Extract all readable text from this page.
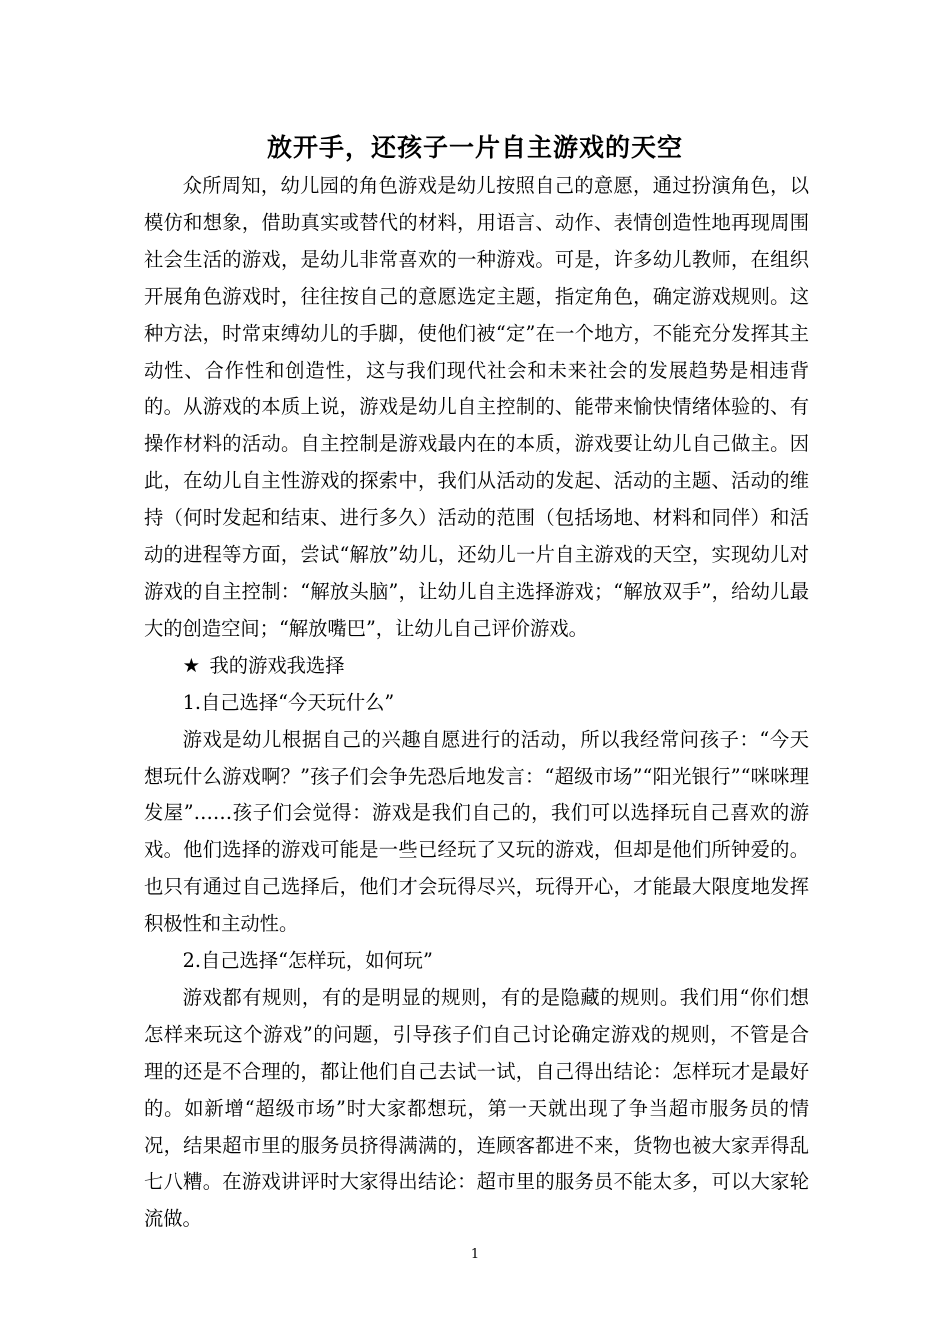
放开手，还孩子一片自主游戏的天空

众所周知，幼儿园的角色游戏是幼儿按照自己的意愿，通过扮演角色，以模仿和想象，借助真实或替代的材料，用语言、动作、表情创造性地再现周围社会生活的游戏，是幼儿非常喜欢的一种游戏。可是，许多幼儿教师，在组织开展角色游戏时，往往按自己的意愿选定主题，指定角色，确定游戏规则。这种方法，时常束缚幼儿的手脚，使他们被“定”在一个地方，不能充分发挥其主动性、合作性和创造性，这与我们现代社会和未来社会的发展趋势是相违背的。从游戏的本质上说，游戏是幼儿自主控制的、能带来愉快情绪体验的、有操作材料的活动。自主控制是游戏最内在的本质，游戏要让幼儿自己做主。因此，在幼儿自主性游戏的探索中，我们从活动的发起、活动的主题、活动的维持（何时发起和结束、进行多久）活动的范围（包括场地、材料和同伴）和活动的进程等方面，尝试“解放”幼儿，还幼儿一片自主游戏的天空，实现幼儿对游戏的自主控制：“解放头脑”，让幼儿自主选择游戏；“解放双手”，给幼儿最大的创造空间；“解放嘴巴”，让幼儿自己评价游戏。

★ 我的游戏我选择

1.自己选择“今天玩什么”

游戏是幼儿根据自己的兴趣自愿进行的活动，所以我经常问孩子：“今天想玩什么游戏啊？”孩子们会争先恐后地发言：“超级市场”“阳光银行”“咪咪理发屋”……孩子们会觉得：游戏是我们自己的，我们可以选择玩自己喜欢的游戏。他们选择的游戏可能是一些已经玩了又玩的游戏，但却是他们所钟爱的。也只有通过自己选择后，他们才会玩得尽兴，玩得开心，才能最大限度地发挥积极性和主动性。

2.自己选择“怎样玩，如何玩”

游戏都有规则，有的是明显的规则，有的是隐藏的规则。我们用“你们想怎样来玩这个游戏”的问题，引导孩子们自己讨论确定游戏的规则，不管是合理的还是不合理的，都让他们自己去试一试，自己得出结论：怎样玩才是最好的。如新增“超级市场”时大家都想玩，第一天就出现了争当超市服务员的情况，结果超市里的服务员挤得满满的，连顾客都进不来，货物也被大家弄得乱七八糟。在游戏讲评时大家得出结论：超市里的服务员不能太多，可以大家轮流做。

1
